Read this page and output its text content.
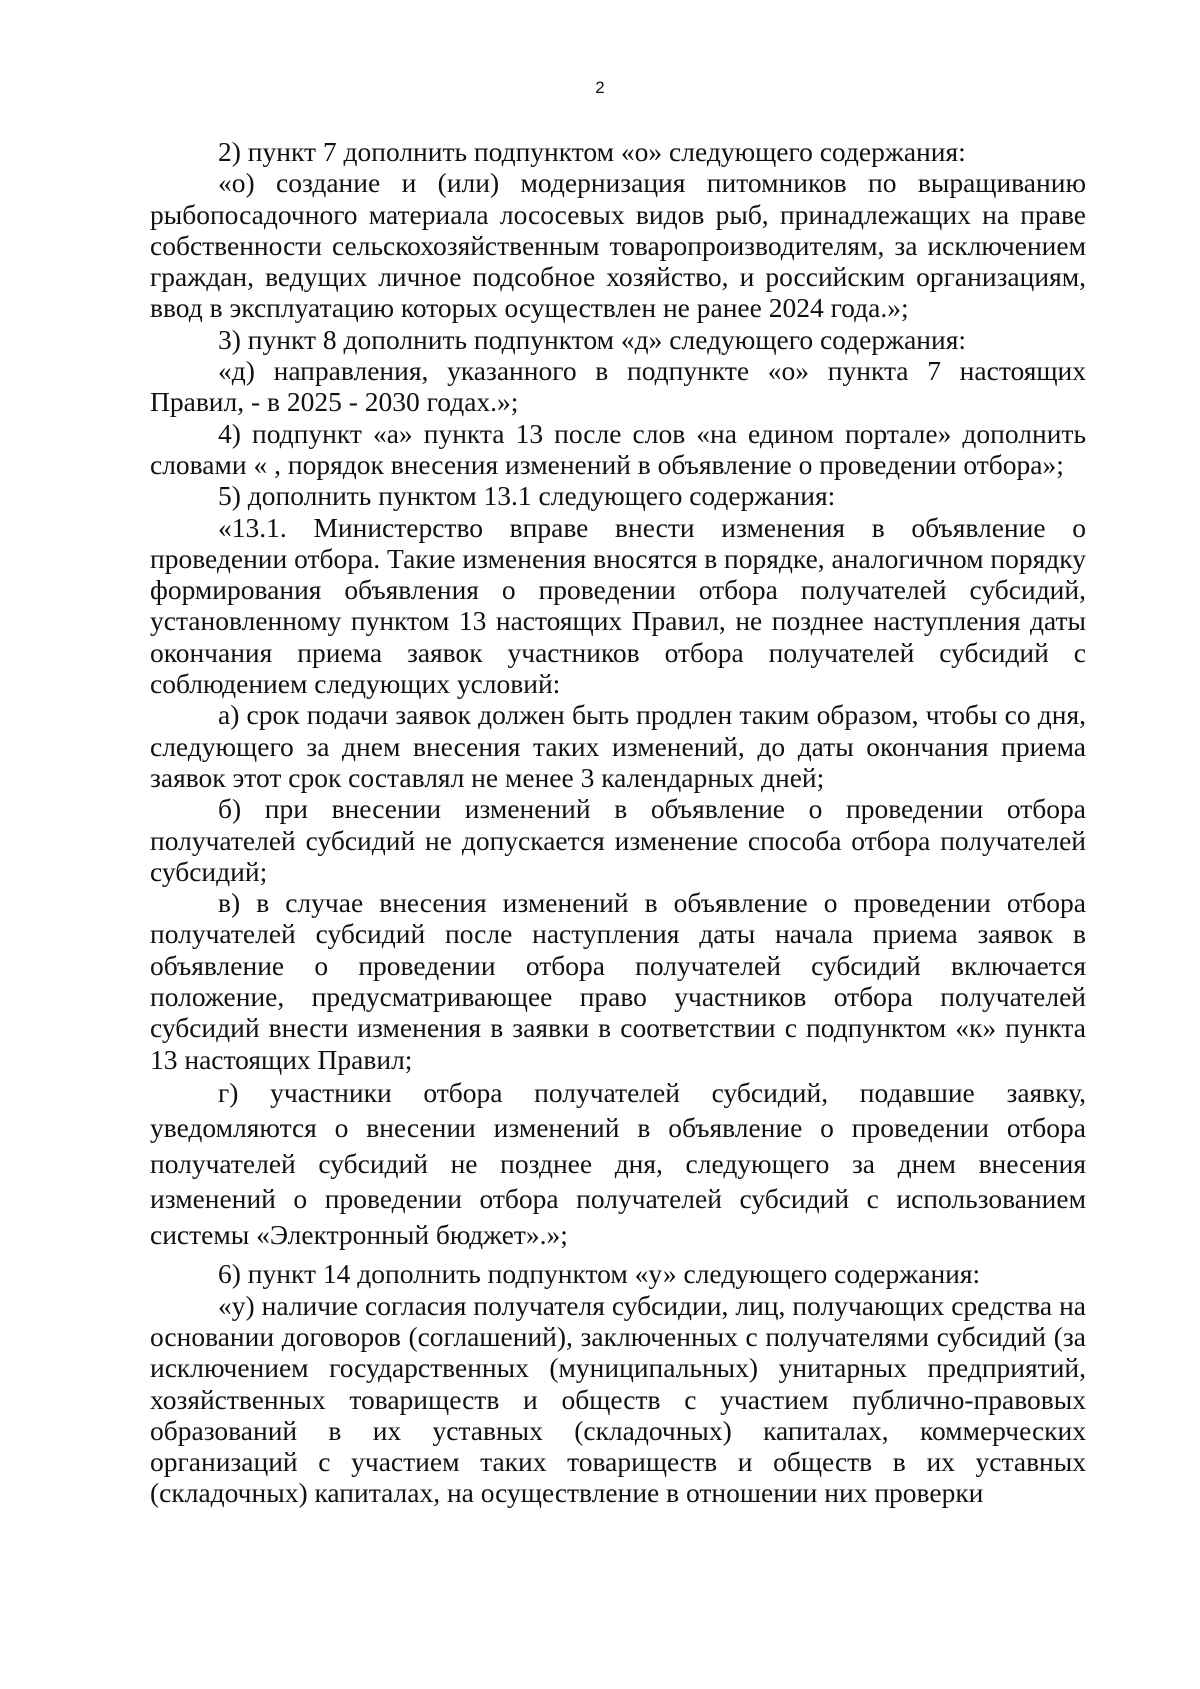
2

2) пункт 7 дополнить подпунктом «о» следующего содержания:

«о) создание и (или) модернизация питомников по выращиванию рыбопосадочного материала лососевых видов рыб, принадлежащих на праве собственности сельскохозяйственным товаропроизводителям, за исключением граждан, ведущих личное подсобное хозяйство, и российским организациям, ввод в эксплуатацию которых осуществлен не ранее 2024 года.»;

3) пункт 8 дополнить подпунктом «д» следующего содержания:

«д) направления, указанного в подпункте «о» пункта 7 настоящих Правил, - в 2025 - 2030 годах.»;

4) подпункт «а» пункта 13 после слов «на едином портале» дополнить словами « , порядок внесения изменений в объявление о проведении отбора»;

5) дополнить пунктом 13.1 следующего содержания:

«13.1. Министерство вправе внести изменения в объявление о проведении отбора. Такие изменения вносятся в порядке, аналогичном порядку формирования объявления о проведении отбора получателей субсидий, установленному пунктом 13 настоящих Правил, не позднее наступления даты окончания приема заявок участников отбора получателей субсидий с соблюдением следующих условий:

а) срок подачи заявок должен быть продлен таким образом, чтобы со дня, следующего за днем внесения таких изменений, до даты окончания приема заявок этот срок составлял не менее 3 календарных дней;

б) при внесении изменений в объявление о проведении отбора получателей субсидий не допускается изменение способа отбора получателей субсидий;

в) в случае внесения изменений в объявление о проведении отбора получателей субсидий после наступления даты начала приема заявок в объявление о проведении отбора получателей субсидий включается положение, предусматривающее право участников отбора получателей субсидий внести изменения в заявки в соответствии с подпунктом «к» пункта 13 настоящих Правил;

г) участники отбора получателей субсидий, подавшие заявку, уведомляются о внесении изменений в объявление о проведении отбора получателей субсидий не позднее дня, следующего за днем внесения изменений о проведении отбора получателей субсидий с использованием системы «Электронный бюджет».»;

6) пункт 14 дополнить подпунктом «у» следующего содержания:

«у) наличие согласия получателя субсидии, лиц, получающих средства на основании договоров (соглашений), заключенных с получателями субсидий (за исключением государственных (муниципальных) унитарных предприятий, хозяйственных товариществ и обществ с участием публично-правовых образований в их уставных (складочных) капиталах, коммерческих организаций с участием таких товариществ и обществ в их уставных (складочных) капиталах, на осуществление в отношении них проверки
